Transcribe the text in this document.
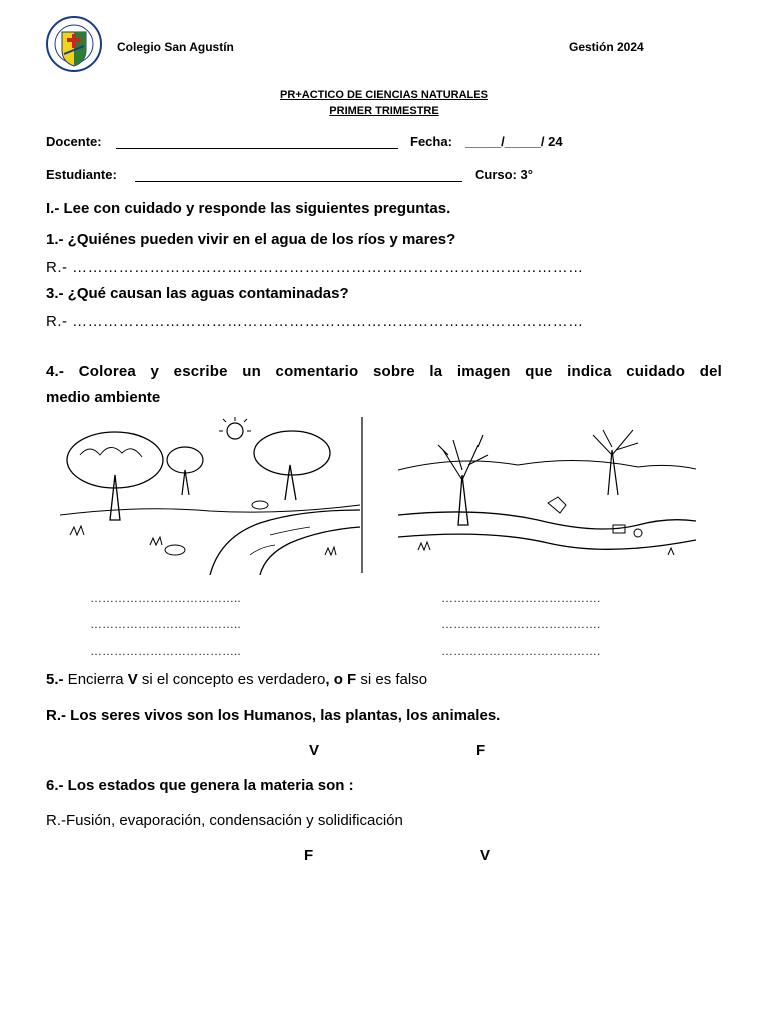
Colegio San Agustín	Gestión 2024
PR+ACTICO DE CIENCIAS NATURALES
PRIMER TRIMESTRE
Docente:	Fecha: _____/_____/ 24
Estudiante:	Curso: 3°
I.- Lee con cuidado y responde las siguientes preguntas.
1.- ¿Quiénes pueden vivir en el agua de los ríos y mares?
R.- ………………………………………………………………………………………
3.- ¿Qué causan las aguas contaminadas?
R.- ………………………………………………………………………………………
4.- Colorea y escribe un comentario sobre la imagen que indica cuidado del
medio ambiente
………………………………..
………………………………..
………………………………..
………………………………….
………………………………….
………………………………….
5.- Encierra V si el concepto es verdadero, o F si es falso
R.- Los seres vivos son los Humanos, las plantas, los animales.
V	F
6.- Los estados que genera la materia son :
R.-Fusión, evaporación, condensación y solidificación
F	V
